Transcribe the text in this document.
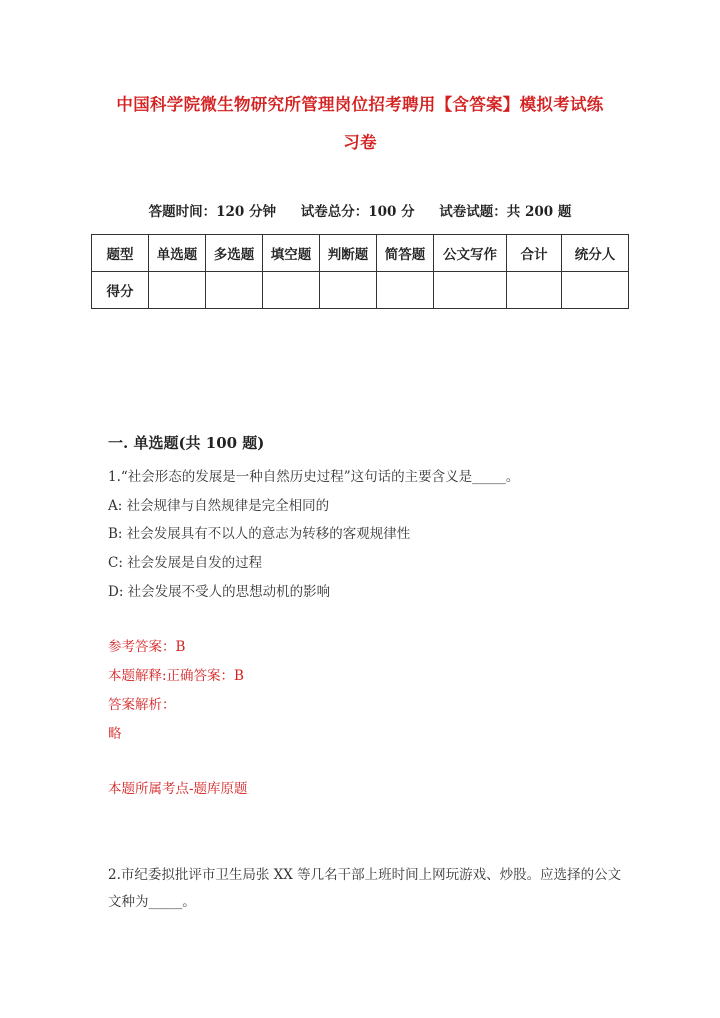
中国科学院微生物研究所管理岗位招考聘用【含答案】模拟考试练
习卷
答题时间：120 分钟 试卷总分：100 分 试卷试题：共 200 题
题型	单选题	多选题	填空题	判断题	简答题	公文写作	合计	统分人
得分								
一. 单选题(共 100 题)
1.“社会形态的发展是一种自然历史过程”这句话的主要含义是_____。
A: 社会规律与自然规律是完全相同的
B: 社会发展具有不以人的意志为转移的客观规律性
C: 社会发展是自发的过程
D: 社会发展不受人的思想动机的影响
参考答案：B
本题解释:正确答案：B
答案解析：
略
本题所属考点-题库原题
2.市纪委拟批评市卫生局张 XX 等几名干部上班时间上网玩游戏、炒股。应选择的公文文种为_____。
